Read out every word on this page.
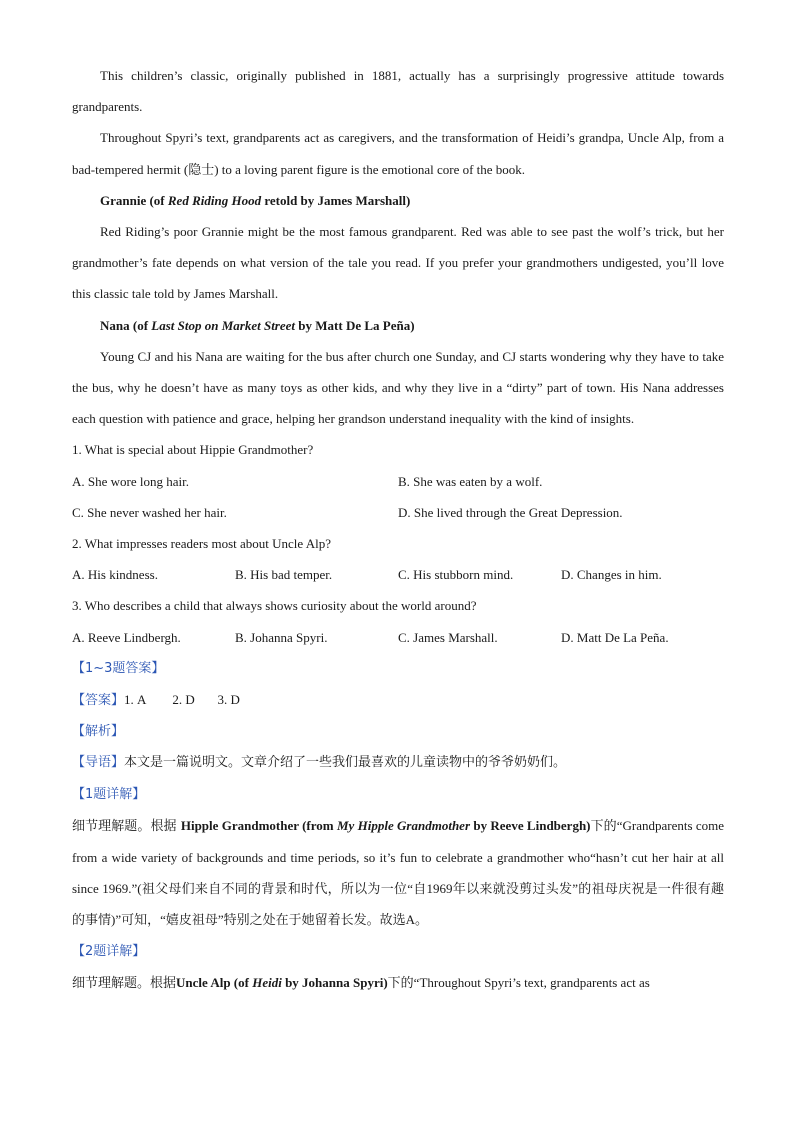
This children’s classic, originally published in 1881, actually has a surprisingly progressive attitude towards grandparents.

Throughout Spyri’s text, grandparents act as caregivers, and the transformation of Heidi’s grandpa, Uncle Alp, from a bad-tempered hermit (隐士) to a loving parent figure is the emotional core of the book.

Grannie (of Red Riding Hood retold by James Marshall)

Red Riding’s poor Grannie might be the most famous grandparent. Red was able to see past the wolf’s trick, but her grandmother’s fate depends on what version of the tale you read. If you prefer your grandmothers undigested, you’ll love this classic tale told by James Marshall.

Nana (of Last Stop on Market Street by Matt De La Peña)

Young CJ and his Nana are waiting for the bus after church one Sunday, and CJ starts wondering why they have to take the bus, why he doesn’t have as many toys as other kids, and why they live in a “dirty” part of town. His Nana addresses each question with patience and grace, helping her grandson understand inequality with the kind of insights.

1. What is special about Hippie Grandmother?

A. She wore long hair.	B. She was eaten by a wolf.
C. She never washed her hair.	D. She lived through the Great Depression.

2. What impresses readers most about Uncle Alp?

A. His kindness.	B. His bad temper.	C. His stubborn mind.	D. Changes in him.

3. Who describes a child that always shows curiosity about the world around?

A. Reeve Lindbergh.	B. Johanna Spyri.	C. James Marshall.	D. Matt De La Peña.

【1~3题答案】

【答案】1. A        2. D       3. D

【解析】

【导语】本文是一篇说明文。文章介绍了一些我们最喜欢的儿童读物中的爷爷奶奶们。

【1题详解】

细节理解题。根据 Hipple Grandmother (from My Hipple Grandmother by Reeve Lindbergh)下的“Grandparents come from a wide variety of backgrounds and time periods, so it’s fun to celebrate a grandmother who“hasn’t cut her hair at all since 1969.”(祖父母们来自不同的背景和时代，所以为一位“自1969年以来就没剪过头发”的祖母庆祝是一件很有趣的事情)”可知，“嬉皮祖母”特别之处在于她留着长发。故选A。

【2题详解】

细节理解题。根据Uncle Alp (of Heidi by Johanna Spyri)下的“Throughout Spyri’s text, grandparents act as
